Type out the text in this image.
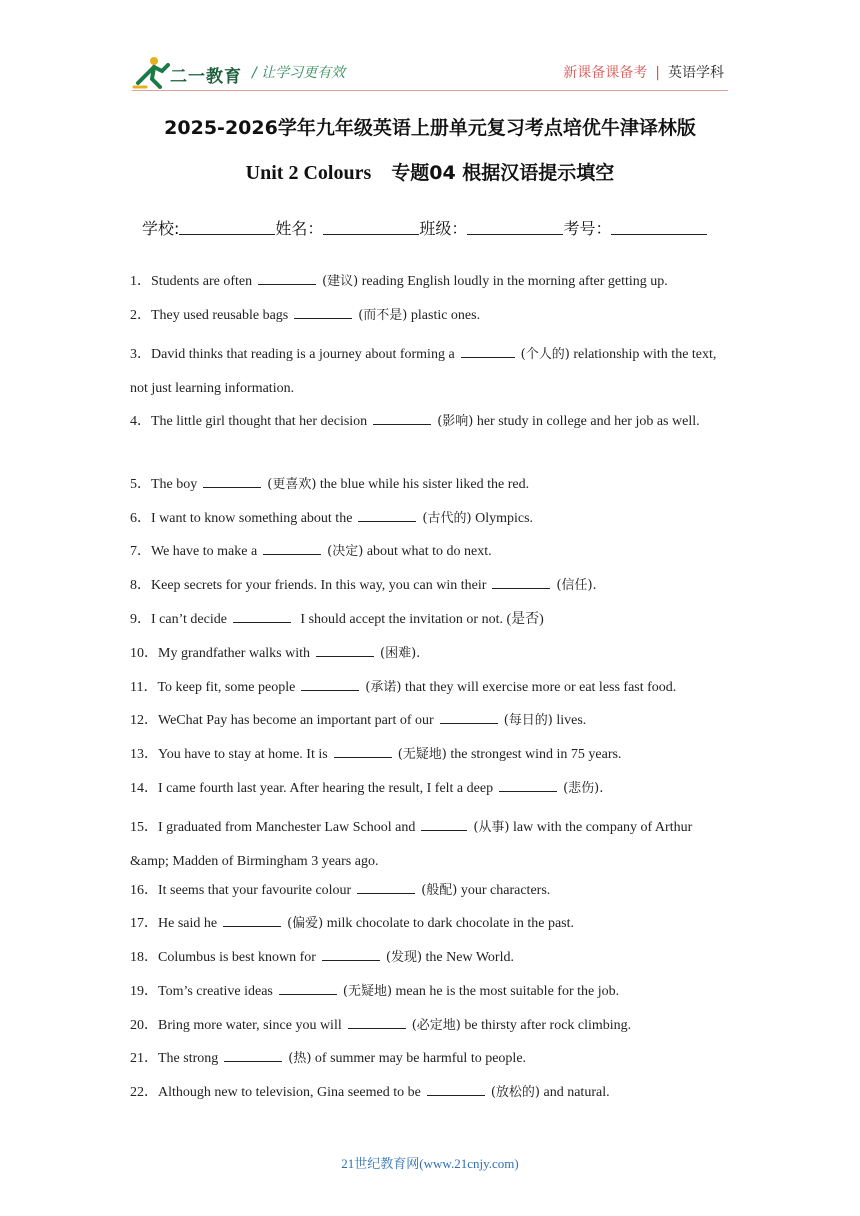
二一教育 / 让学习更有效	新课备课备考 | 英语学科
2025-2026学年九年级英语上册单元复习考点培优牛津译林版
Unit 2 Colours 专题04 根据汉语提示填空
学校:	姓名：	班级：	考号：
1．Students are often	(建议) reading English loudly in the morning after getting up.
2．They used reusable bags	(而不是) plastic ones.
3．David thinks that reading is a journey about forming a	(个人的) relationship with the text, not just learning information.
4．The little girl thought that her decision	(影响) her study in college and her job as well.
5．The boy	(更喜欢) the blue while his sister liked the red.
6．I want to know something about the	(古代的) Olympics.
7．We have to make a	(决定) about what to do next.
8．Keep secrets for your friends. In this way, you can win their	(信任).
9．I can’t decide	I should accept the invitation or not. (是否)
10．My grandfather walks with	(困难).
11．To keep fit, some people	(承诺) that they will exercise more or eat less fast food.
12．WeChat Pay has become an important part of our	(每日的) lives.
13．You have to stay at home. It is	(无疑地) the strongest wind in 75 years.
14．I came fourth last year. After hearing the result, I felt a deep	(悲伤).
15．I graduated from Manchester Law School and	(从事) law with the company of Arthur &amp; Madden of Birmingham 3 years ago.
16．It seems that your favourite colour	(般配) your characters.
17．He said he	(偏爱) milk chocolate to dark chocolate in the past.
18．Columbus is best known for	(发现) the New World.
19．Tom’s creative ideas	(无疑地) mean he is the most suitable for the job.
20．Bring more water, since you will	(必定地) be thirsty after rock climbing.
21．The strong	(热) of summer may be harmful to people.
22．Although new to television, Gina seemed to be	(放松的) and natural.
21世纪教育网(www.21cnjy.com)
